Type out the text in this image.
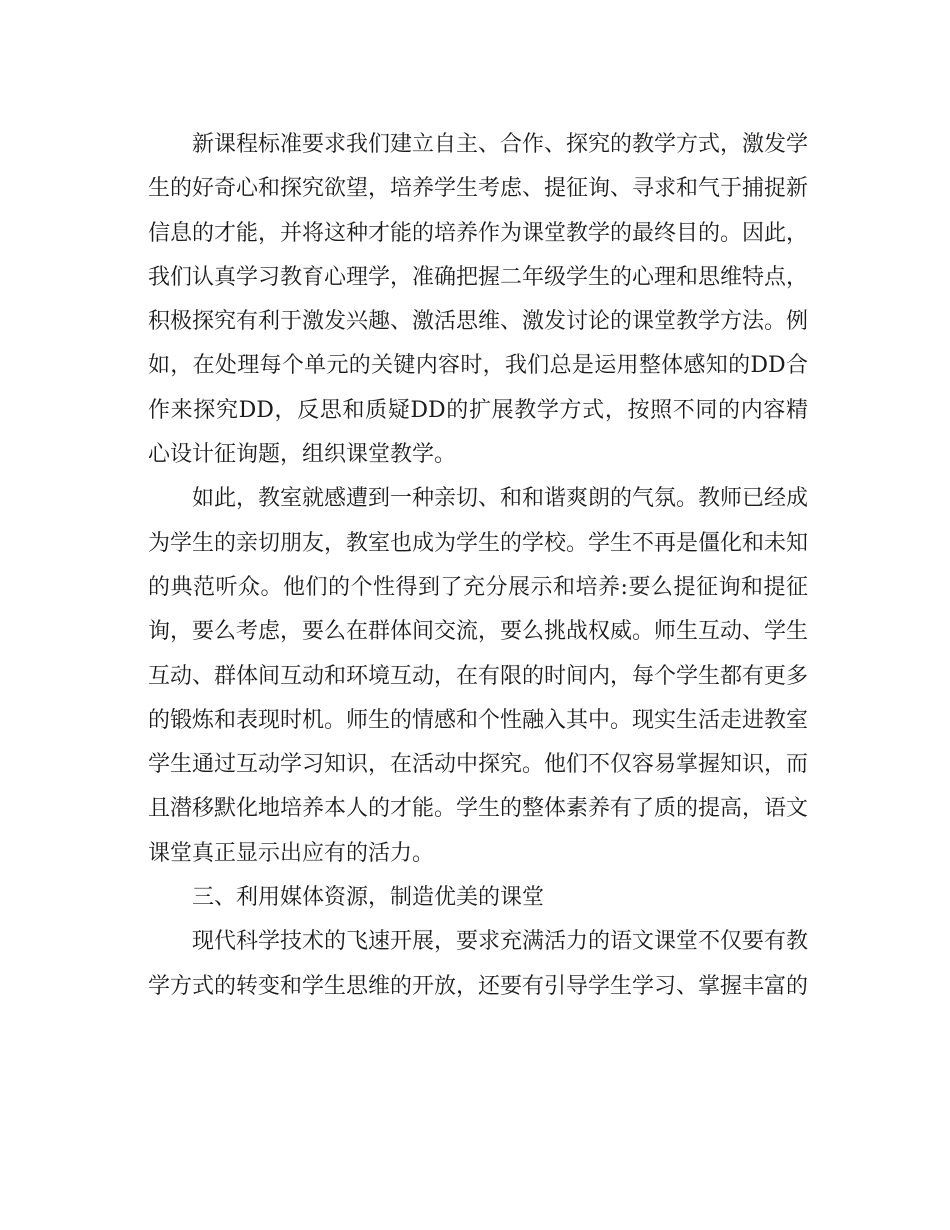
新课程标准要求我们建立自主、合作、探究的教学方式，激发学生的好奇心和探究欲望，培养学生考虑、提征询、寻求和气于捕捉新信息的才能，并将这种才能的培养作为课堂教学的最终目的。因此，我们认真学习教育心理学，准确把握二年级学生的心理和思维特点，积极探究有利于激发兴趣、激活思维、激发讨论的课堂教学方法。例如，在处理每个单元的关键内容时，我们总是运用整体感知的DD合作来探究DD，反思和质疑DD的扩展教学方式，按照不同的内容精心设计征询题，组织课堂教学。

如此，教室就感遭到一种亲切、和和谐爽朗的气氛。教师已经成为学生的亲切朋友，教室也成为学生的学校。学生不再是僵化和未知的典范听众。他们的个性得到了充分展示和培养:要么提征询和提征询，要么考虑，要么在群体间交流，要么挑战权威。师生互动、学生互动、群体间互动和环境互动，在有限的时间内，每个学生都有更多的锻炼和表现时机。师生的情感和个性融入其中。现实生活走进教室学生通过互动学习知识，在活动中探究。他们不仅容易掌握知识，而且潜移默化地培养本人的才能。学生的整体素养有了质的提高，语文课堂真正显示出应有的活力。

三、利用媒体资源，制造优美的课堂

现代科学技术的飞速开展，要求充满活力的语文课堂不仅要有教学方式的转变和学生思维的开放，还要有引导学生学习、掌握丰富的
